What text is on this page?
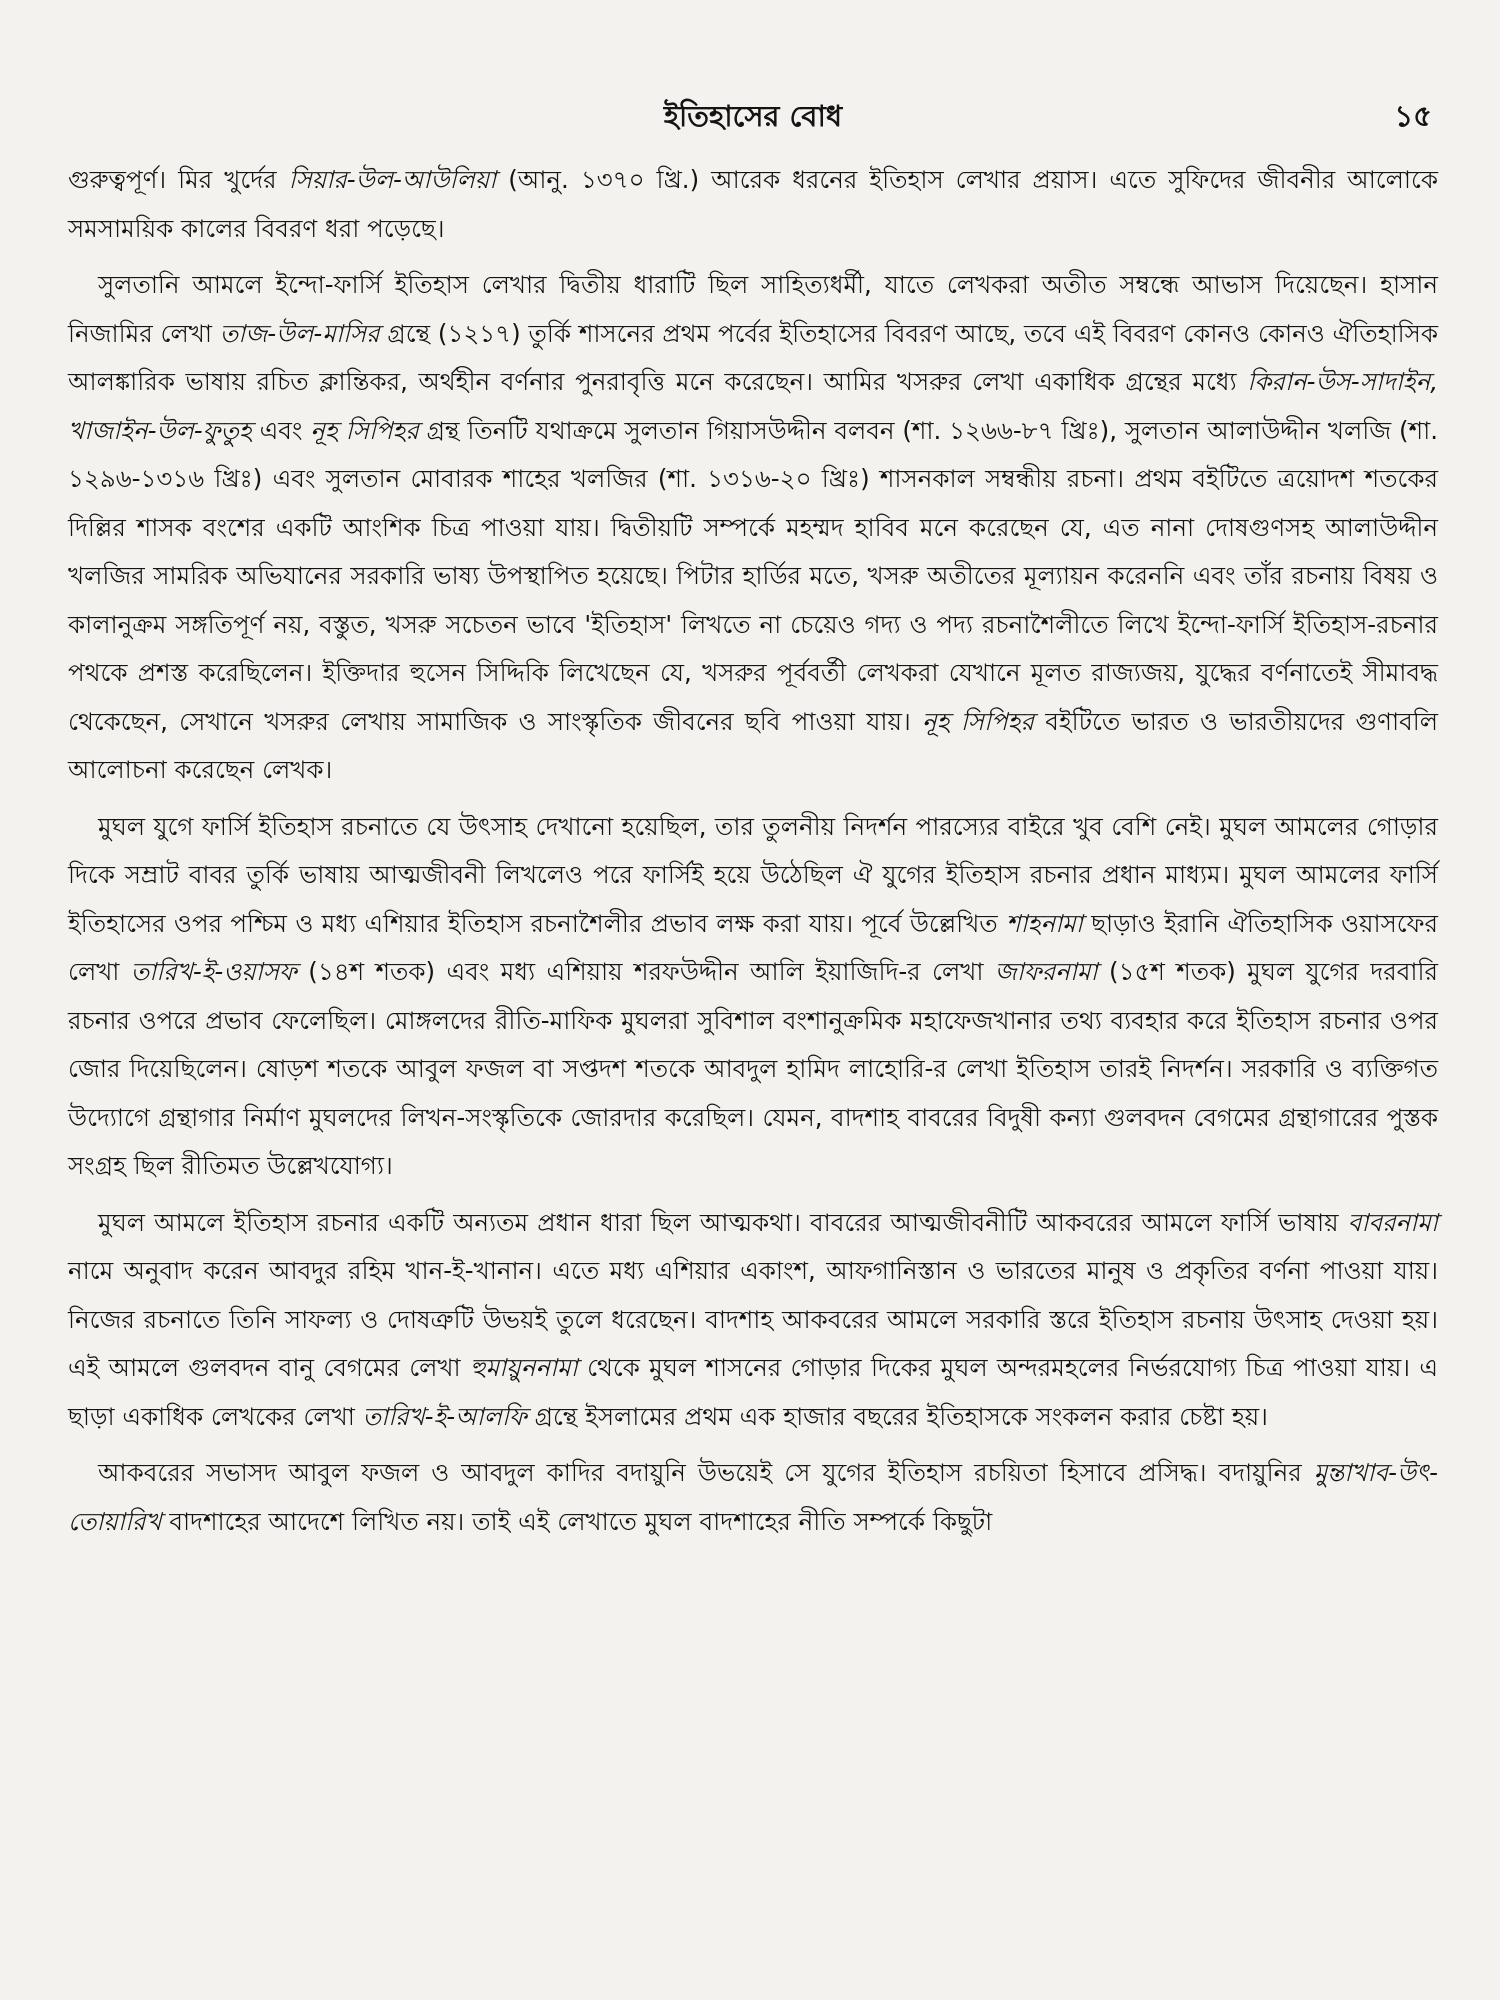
ইতিহাসের বোধ	১৫

গুরুত্বপূর্ণ। মির খুর্দের সিয়ার-উল-আউলিয়া (আনু. ১৩৭০ খ্রি.) আরেক ধরনের ইতিহাস লেখার প্রয়াস। এতে সুফিদের জীবনীর আলোকে সমসাময়িক কালের বিবরণ ধরা পড়েছে।

সুলতানি আমলে ইন্দো-ফার্সি ইতিহাস লেখার দ্বিতীয় ধারাটি ছিল সাহিত্যধর্মী, যাতে লেখকরা অতীত সম্বন্ধে আভাস দিয়েছেন। হাসান নিজামির লেখা তাজ-উল-মাসির গ্রন্থে (১২১৭) তুর্কি শাসনের প্রথম পর্বের ইতিহাসের বিবরণ আছে, তবে এই বিবরণ কোনও কোনও ঐতিহাসিক আলঙ্কারিক ভাষায় রচিত ক্লান্তিকর, অর্থহীন বর্ণনার পুনরাবৃত্তি মনে করেছেন। আমির খসরুর লেখা একাধিক গ্রন্থের মধ্যে কিরান-উস-সাদাইন, খাজাইন-উল-ফুতুহ এবং নূহ সিপিহর গ্রন্থ তিনটি যথাক্রমে সুলতান গিয়াসউদ্দীন বলবন (শা. ১২৬৬-৮৭ খ্রিঃ), সুলতান আলাউদ্দীন খলজি (শা. ১২৯৬-১৩১৬ খ্রিঃ) এবং সুলতান মোবারক শাহের খলজির (শা. ১৩১৬-২০ খ্রিঃ) শাসনকাল সম্বন্ধীয় রচনা। প্রথম বইটিতে ত্রয়োদশ শতকের দিল্লির শাসক বংশের একটি আংশিক চিত্র পাওয়া যায়। দ্বিতীয়টি সম্পর্কে মহম্মদ হাবিব মনে করেছেন যে, এত নানা দোষগুণসহ আলাউদ্দীন খলজির সামরিক অভিযানের সরকারি ভাষ্য উপস্থাপিত হয়েছে। পিটার হার্ডির মতে, খসরু অতীতের মূল্যায়ন করেননি এবং তাঁর রচনায় বিষয় ও কালানুক্রম সঙ্গতিপূর্ণ নয়, বস্তুত, খসরু সচেতন ভাবে 'ইতিহাস' লিখতে না চেয়েও গদ্য ও পদ্য রচনাশৈলীতে লিখে ইন্দো-ফার্সি ইতিহাস-রচনার পথকে প্রশস্ত করেছিলেন। ইক্তিদার হুসেন সিদ্দিকি লিখেছেন যে, খসরুর পূর্ববর্তী লেখকরা যেখানে মূলত রাজ্যজয়, যুদ্ধের বর্ণনাতেই সীমাবদ্ধ থেকেছেন, সেখানে খসরুর লেখায় সামাজিক ও সাংস্কৃতিক জীবনের ছবি পাওয়া যায়। নূহ সিপিহর বইটিতে ভারত ও ভারতীয়দের গুণাবলি আলোচনা করেছেন লেখক।

মুঘল যুগে ফার্সি ইতিহাস রচনাতে যে উৎসাহ দেখানো হয়েছিল, তার তুলনীয় নিদর্শন পারস্যের বাইরে খুব বেশি নেই। মুঘল আমলের গোড়ার দিকে সম্রাট বাবর তুর্কি ভাষায় আত্মজীবনী লিখলেও পরে ফার্সিই হয়ে উঠেছিল ঐ যুগের ইতিহাস রচনার প্রধান মাধ্যম। মুঘল আমলের ফার্সি ইতিহাসের ওপর পশ্চিম ও মধ্য এশিয়ার ইতিহাস রচনাশৈলীর প্রভাব লক্ষ করা যায়। পূর্বে উল্লেখিত শাহনামা ছাড়াও ইরানি ঐতিহাসিক ওয়াসফের লেখা তারিখ-ই-ওয়াসফ (১৪শ শতক) এবং মধ্য এশিয়ায় শরফউদ্দীন আলি ইয়াজিদি-র লেখা জাফরনামা (১৫শ শতক) মুঘল যুগের দরবারি রচনার ওপরে প্রভাব ফেলেছিল। মোঙ্গলদের রীতি-মাফিক মুঘলরা সুবিশাল বংশানুক্রমিক মহাফেজখানার তথ্য ব্যবহার করে ইতিহাস রচনার ওপর জোর দিয়েছিলেন। ষোড়শ শতকে আবুল ফজল বা সপ্তদশ শতকে আবদুল হামিদ লাহোরি-র লেখা ইতিহাস তারই নিদর্শন। সরকারি ও ব্যক্তিগত উদ্যোগে গ্রন্থাগার নির্মাণ মুঘলদের লিখন-সংস্কৃতিকে জোরদার করেছিল। যেমন, বাদশাহ বাবরের বিদুষী কন্যা গুলবদন বেগমের গ্রন্থাগারের পুস্তক সংগ্রহ ছিল রীতিমত উল্লেখযোগ্য।

মুঘল আমলে ইতিহাস রচনার একটি অন্যতম প্রধান ধারা ছিল আত্মকথা। বাবরের আত্মজীবনীটি আকবরের আমলে ফার্সি ভাষায় বাবরনামা নামে অনুবাদ করেন আবদুর রহিম খান-ই-খানান। এতে মধ্য এশিয়ার একাংশ, আফগানিস্তান ও ভারতের মানুষ ও প্রকৃতির বর্ণনা পাওয়া যায়। নিজের রচনাতে তিনি সাফল্য ও দোষত্রুটি উভয়ই তুলে ধরেছেন। বাদশাহ আকবরের আমলে সরকারি স্তরে ইতিহাস রচনায় উৎসাহ দেওয়া হয়। এই আমলে গুলবদন বানু বেগমের লেখা হুমায়ুননামা থেকে মুঘল শাসনের গোড়ার দিকের মুঘল অন্দরমহলের নির্ভরযোগ্য চিত্র পাওয়া যায়। এ ছাড়া একাধিক লেখকের লেখা তারিখ-ই-আলফি গ্রন্থে ইসলামের প্রথম এক হাজার বছরের ইতিহাসকে সংকলন করার চেষ্টা হয়।

আকবরের সভাসদ আবুল ফজল ও আবদুল কাদির বদায়ুনি উভয়েই সে যুগের ইতিহাস রচয়িতা হিসাবে প্রসিদ্ধ। বদায়ুনির মুন্তাখাব-উৎ-তোয়ারিখ বাদশাহের আদেশে লিখিত নয়। তাই এই লেখাতে মুঘল বাদশাহের নীতি সম্পর্কে কিছুটা
